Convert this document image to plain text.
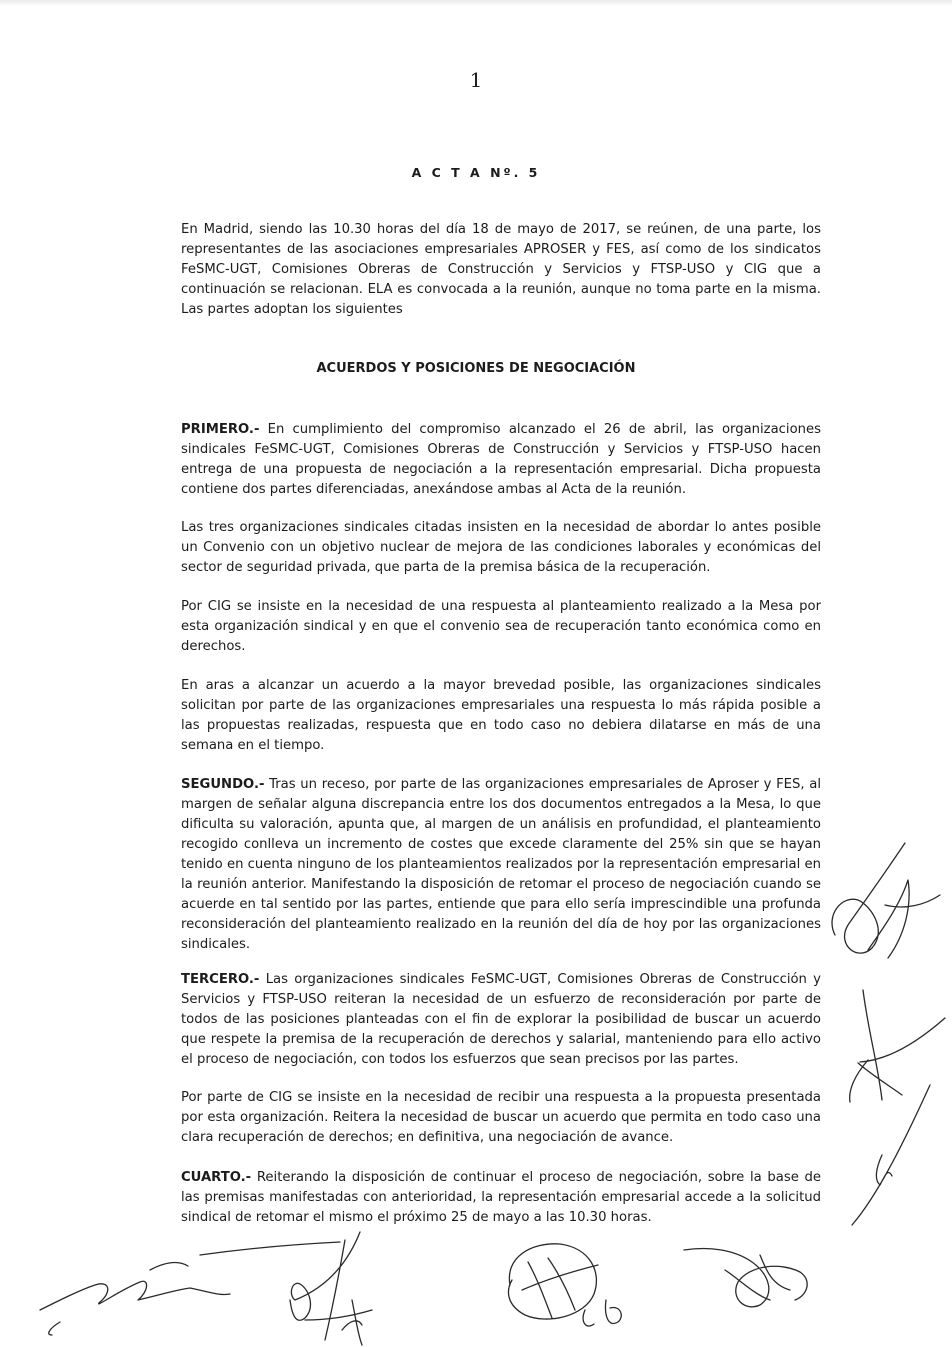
1
A C T A Nº. 5

En Madrid, siendo las 10.30 horas del día 18 de mayo de 2017, se reúnen, de una parte, los representantes de las asociaciones empresariales APROSER y FES, así como de los sindicatos FeSMC-UGT, Comisiones Obreras de Construcción y Servicios y FTSP-USO y CIG que a continuación se relacionan. ELA es convocada a la reunión, aunque no toma parte en la misma. Las partes adoptan los siguientes

ACUERDOS Y POSICIONES DE NEGOCIACIÓN

PRIMERO.- En cumplimiento del compromiso alcanzado el 26 de abril, las organizaciones sindicales FeSMC-UGT, Comisiones Obreras de Construcción y Servicios y FTSP-USO hacen entrega de una propuesta de negociación a la representación empresarial. Dicha propuesta contiene dos partes diferenciadas, anexándose ambas al Acta de la reunión.

Las tres organizaciones sindicales citadas insisten en la necesidad de abordar lo antes posible un Convenio con un objetivo nuclear de mejora de las condiciones laborales y económicas del sector de seguridad privada, que parta de la premisa básica de la recuperación.

Por CIG se insiste en la necesidad de una respuesta al planteamiento realizado a la Mesa por esta organización sindical y en que el convenio sea de recuperación tanto económica como en derechos.

En aras a alcanzar un acuerdo a la mayor brevedad posible, las organizaciones sindicales solicitan por parte de las organizaciones empresariales una respuesta lo más rápida posible a las propuestas realizadas, respuesta que en todo caso no debiera dilatarse en más de una semana en el tiempo.

SEGUNDO.- Tras un receso, por parte de las organizaciones empresariales de Aproser y FES, al margen de señalar alguna discrepancia entre los dos documentos entregados a la Mesa, lo que dificulta su valoración, apunta que, al margen de un análisis en profundidad, el planteamiento recogido conlleva un incremento de costes que excede claramente del 25% sin que se hayan tenido en cuenta ninguno de los planteamientos realizados por la representación empresarial en la reunión anterior. Manifestando la disposición de retomar el proceso de negociación cuando se acuerde en tal sentido por las partes, entiende que para ello sería imprescindible una profunda reconsideración del planteamiento realizado en la reunión del día de hoy por las organizaciones sindicales.

TERCERO.- Las organizaciones sindicales FeSMC-UGT, Comisiones Obreras de Construcción y Servicios y FTSP-USO reiteran la necesidad de un esfuerzo de reconsideración por parte de todos de las posiciones planteadas con el fin de explorar la posibilidad de buscar un acuerdo que respete la premisa de la recuperación de derechos y salarial, manteniendo para ello activo el proceso de negociación, con todos los esfuerzos que sean precisos por las partes.

Por parte de CIG se insiste en la necesidad de recibir una respuesta a la propuesta presentada por esta organización. Reitera la necesidad de buscar un acuerdo que permita en todo caso una clara recuperación de derechos; en definitiva, una negociación de avance.

CUARTO.- Reiterando la disposición de continuar el proceso de negociación, sobre la base de las premisas manifestadas con anterioridad, la representación empresarial accede a la solicitud sindical de retomar el mismo el próximo 25 de mayo a las 10.30 horas.
